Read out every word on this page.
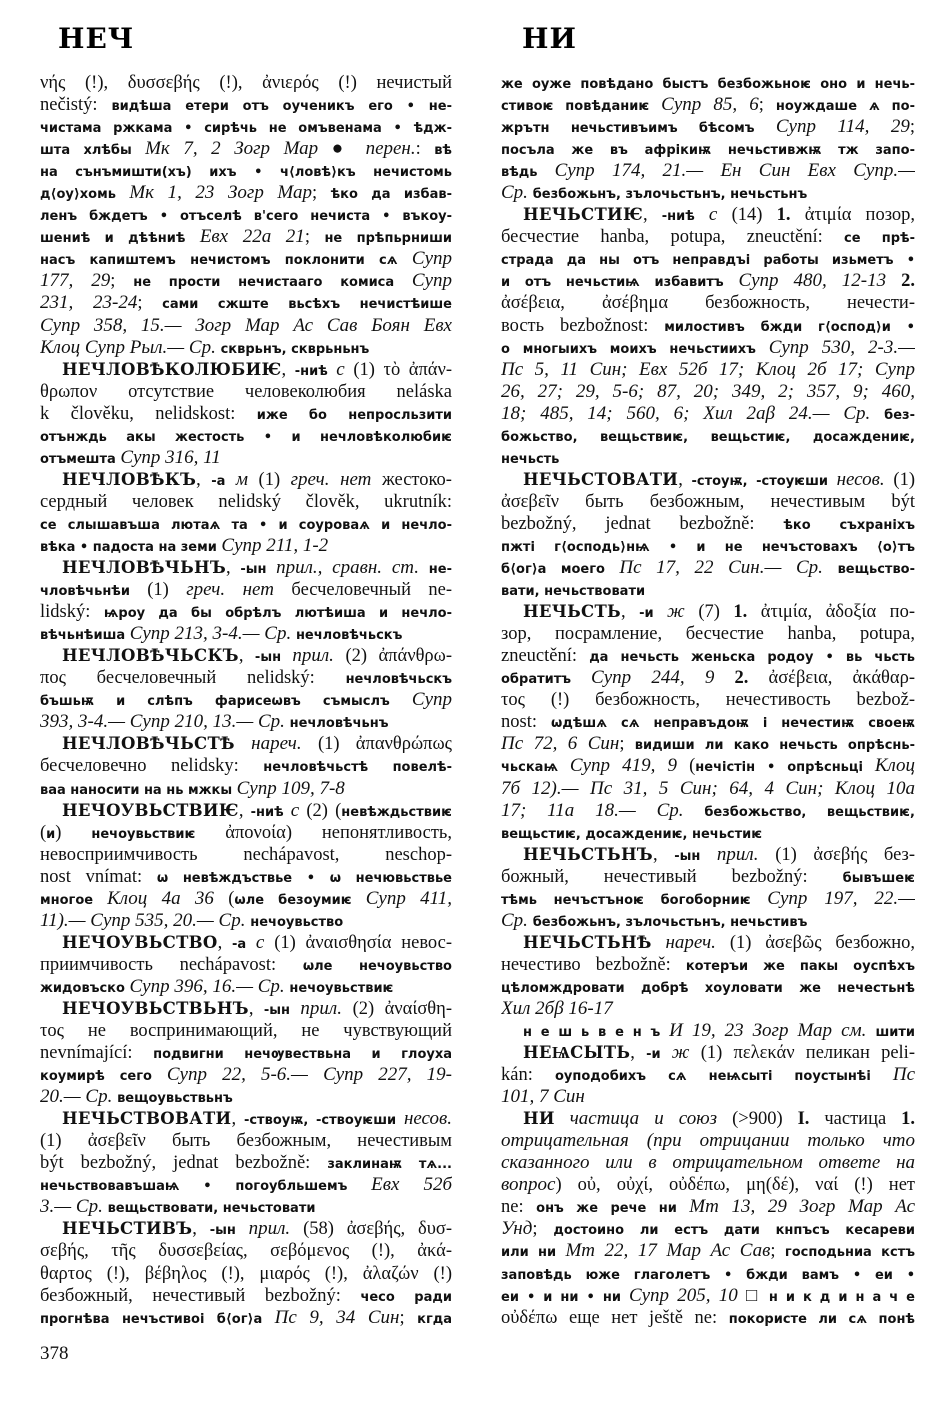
НЕЧ	НИ
νής (!), δυσσεβής (!), ἀνιερός (!) нечистый
nečistý: видѣша етери отъ оученикъ его • не-
чистама ржкама • сирѣчь не омъвенама • ѣдж-
шта хлѣбы Мк 7, 2 Зогр Мар ● перен.: вѣ
на сънъмишти(хъ) ихъ • ч⟨ловѣ⟩къ нечистомь
д⟨оу⟩хомь Мк 1, 23 Зогр Мар; ѣко да избав-
ленъ бждетъ • отъселѣ в'сего нечиста • въкоу-
шениѣ и дѣѣниѣ Евх 22а 21; не прѣпьрниши
насъ капиштемъ нечистомъ поклонити сѧ Супр
177, 29; не прости нечистааго комиса Супр
231, 23-24; сами сжште вьсѣхъ нечистѣише
Супр 358, 15.— Зогр Мар Ас Сав Боян Евх
Клоц Супр Рыл.— Ср. скврьнъ, скврьньнъ
НЕЧЛОВѢКОЛЮБИѤ, -ниѣ с (1) τὸ ἀπάν-
θρωπον отсутствие человеколюбия neláska
k člověku, nelidskost: иже бо непросльзити
отънждь акы жестость • и нечловѣколюбиѥ
отъмешта Супр 316, 11
НЕЧЛОВѢКЪ, -а м (1) греч. нет жестоко-
сердный человек nelidský člověk, ukrutník:
се слышавъша лютаѧ та • и соуроваѧ и нечло-
вѣка • падоста на земи Супр 211, 1-2
НЕЧЛОВѢЧЬНЪ, -ын прил., сравн. ст. не-
чловѣчьнѣи (1) греч. нет бесчеловечный ne-
lidský: ѩроу да бы обрѣлъ лютѣиша и нечло-
вѣчьнѣиша Супр 213, 3-4.— Ср. нечловѣчьскъ
НЕЧЛОВѢЧЬСКЪ, -ын прил. (2) ἀπάνθρω-
πος бесчеловечный nelidský: нечловѣчьскъ
бъшьѭ и слѣпъ фарисеѡвъ съмыслъ Супр
393, 3-4.— Супр 210, 13.— Ср. нечловѣчьнъ
НЕЧЛОВѢЧЬСТѢ нареч. (1) ἀπανθρώπως
бесчеловечно nelidsky: нечловѣчьстѣ повелѣ-
ваа наносити на нь мжкы Супр 109, 7-8
НЕЧОУВЬСТВИѤ, -ниѣ с (2) (невѣждьствиѥ
(и) нечоувьствиѥ ἀπονοία) непонятливость,
невосприимчивость nechápavost, neschop-
nost vnímat: ѡ невѣждъствье • ѡ нечювьствье
многое Клоц 4а 36 (ѡле безоумиѥ Супр 411,
11).— Супр 535, 20.— Ср. нечоувьство
НЕЧОУВЬСТВО, -а с (1) ἀναισθησία невос-
приимчивость nechápavost: ѡле нечоувьство
жидовъско Супр 396, 16.— Ср. нечоувьствиѥ
НЕЧОУВЬСТВЬНЪ, -ын прил. (2) ἀναίσθη-
τος не воспринимающий, не чувствующий
nevnímající: подвигни нечѹвествьна и глоуха
коумирѣ сего Супр 22, 5-6.— Супр 227, 19-
20.— Ср. вещоувьствьнъ
НЕЧЬСТВОВАТИ, -ствоуѭ, -ствоуѥши несов.
(1) ἀσεβεῖν быть безбожным, нечестивым
být bezbožný, jednat bezbožně: заклинаѭ тѧ...
нечьствовавъшаѩ • погоубльшемъ Евх 52б
3.— Ср. вещьствовати, нечьстовати
НЕЧЬСТИВЪ, -ын прил. (58) ἀσεβής, δυσ-
σεβής, τῆς δυσσεβείας, σεβόμενος (!), ἀκά-
θαρτος (!), βέβηλος (!), μιαρός (!), ἀλαζών (!)
безбожный, нечестивый bezbožný: чесо ради
прогнѣва нечъстивоі б⟨ог⟩а Пс 9, 34 Син; кгда
же оуже повѣдано быстъ безбожьноѥ оно и нечь-
стивоѥ повѣданиѥ Супр 85, 6; ноуждаше ѧ по-
жрътн нечьстивъимъ бѣсомъ Супр 114, 29;
посъла же въ афрікиѭ нечьстивжѭ тж запо-
вѣдь Супр 174, 21.— Ен Син Евх Супр.—
Ср. безбожьнъ, зълочьстьнъ, нечьстьнъ
НЕЧЬСТИѤ, -ниѣ с (14) 1. ἀτιμία позор,
бесчестие hanba, potupa, zneuctění: се прѣ-
страда да ны отъ неправдъі работы изьметъ •
и отъ нечьстиѩ избавитъ Супр 480, 12-13 2.
ἀσέβεια, ἀσέβημα безбожность, нечести-
вость bezbožnost: милостивъ бжди г⟨оспод⟩и •
о многыихъ моихъ нечьстиихъ Супр 530, 2-3.—
Пс 5, 11 Син; Евх 52б 17; Клоц 2б 17; Супр
26, 27; 29, 5-6; 87, 20; 349, 2; 357, 9; 460,
18; 485, 14; 560, 6; Хил 2аβ 24.— Ср. без-
божьство, вещьствиѥ, вещьстиѥ, досаждениѥ,
нечьсть
НЕЧЬСТОВАТИ, -стоуѭ, -стоуѥши несов. (1)
ἀσεβεῖν быть безбожным, нечестивым být
bezbožný, jednat bezbožně: ѣко съхраніхъ
пжті г⟨осподь⟩нѩ • и не нечъстовахъ ⟨о⟩тъ
б⟨ог⟩а моего Пс 17, 22 Син.— Ср. вещьство-
вати, нечьствовати
НЕЧЬСТЬ, -и ж (7) 1. ἀτιμία, ἀδοξία по-
зор, посрамление, бесчестие hanba, potupa,
zneuctění: да нечьсть женьска родоу • вь чьсть
обратитъ Супр 244, 9 2. ἀσέβεια, ἀκάθαρ-
τος (!) безбожность, нечестивость bezbož-
nost: ѡдѣшѧ сѧ неправъдоѭ і нечестиѭ своеѭ
Пс 72, 6 Син; видиши ли како нечьсть опрѣснь-
чьскаѩ Супр 419, 9 (нечістін • опрѣсньці Клоц
7б 12).— Пс 31, 5 Син; 64, 4 Син; Клоц 10а
17; 11а 18.— Ср. безбожьство, вещьствиѥ,
вещьстиѥ, досаждениѥ, нечьстиѥ
НЕЧЬСТЬНЪ, -ын прил. (1) ἀσεβής без-
божный, нечестивый bezbožný: бывъшеѥ
тѣмь нечъстъноѥ богоборниѥ Супр 197, 22.—
Ср. безбожьнъ, зълочьстьнъ, нечьстивъ
НЕЧЬСТЬНѢ нареч. (1) ἀσεβῶς безбожно,
нечестиво bezbožně: котеръи же пакы оуспѣхъ
цѣломждровати добрѣ хоуловати же нечестьнѣ
Хил 2бβ 16-17
н е ш ь в е н ъ И 19, 23 Зогр Мар см. шити
НЕѨСЫТЬ, -и ж (1) πελεκάν пеликан peli-
kán: оуподобихъ сѧ неѩсыті поустынѣі Пс
101, 7 Син
НИ частица и союз (>900) I. частица 1.
отрицательная (при отрицании только что
сказанного или в отрицательном ответе на
вопрос) οὐ, οὐχί, οὐδέπω, μη(δέ), ναί (!) нет
ne: онъ же рече ни Мт 13, 29 Зогр Мар Ас
Унд; достоино ли естъ дати кнпъсъ кесареви
или ни Мт 22, 17 Мар Ас Сав; господьниа кстъ
заповѣдь юже глаголетъ • бжди вамъ • еи •
еи • и ни • ни Супр 205, 10 □ н и к д и н а ч е
οὐδέπω еще нет ještě ne: покористе ли сѧ понѣ
378
